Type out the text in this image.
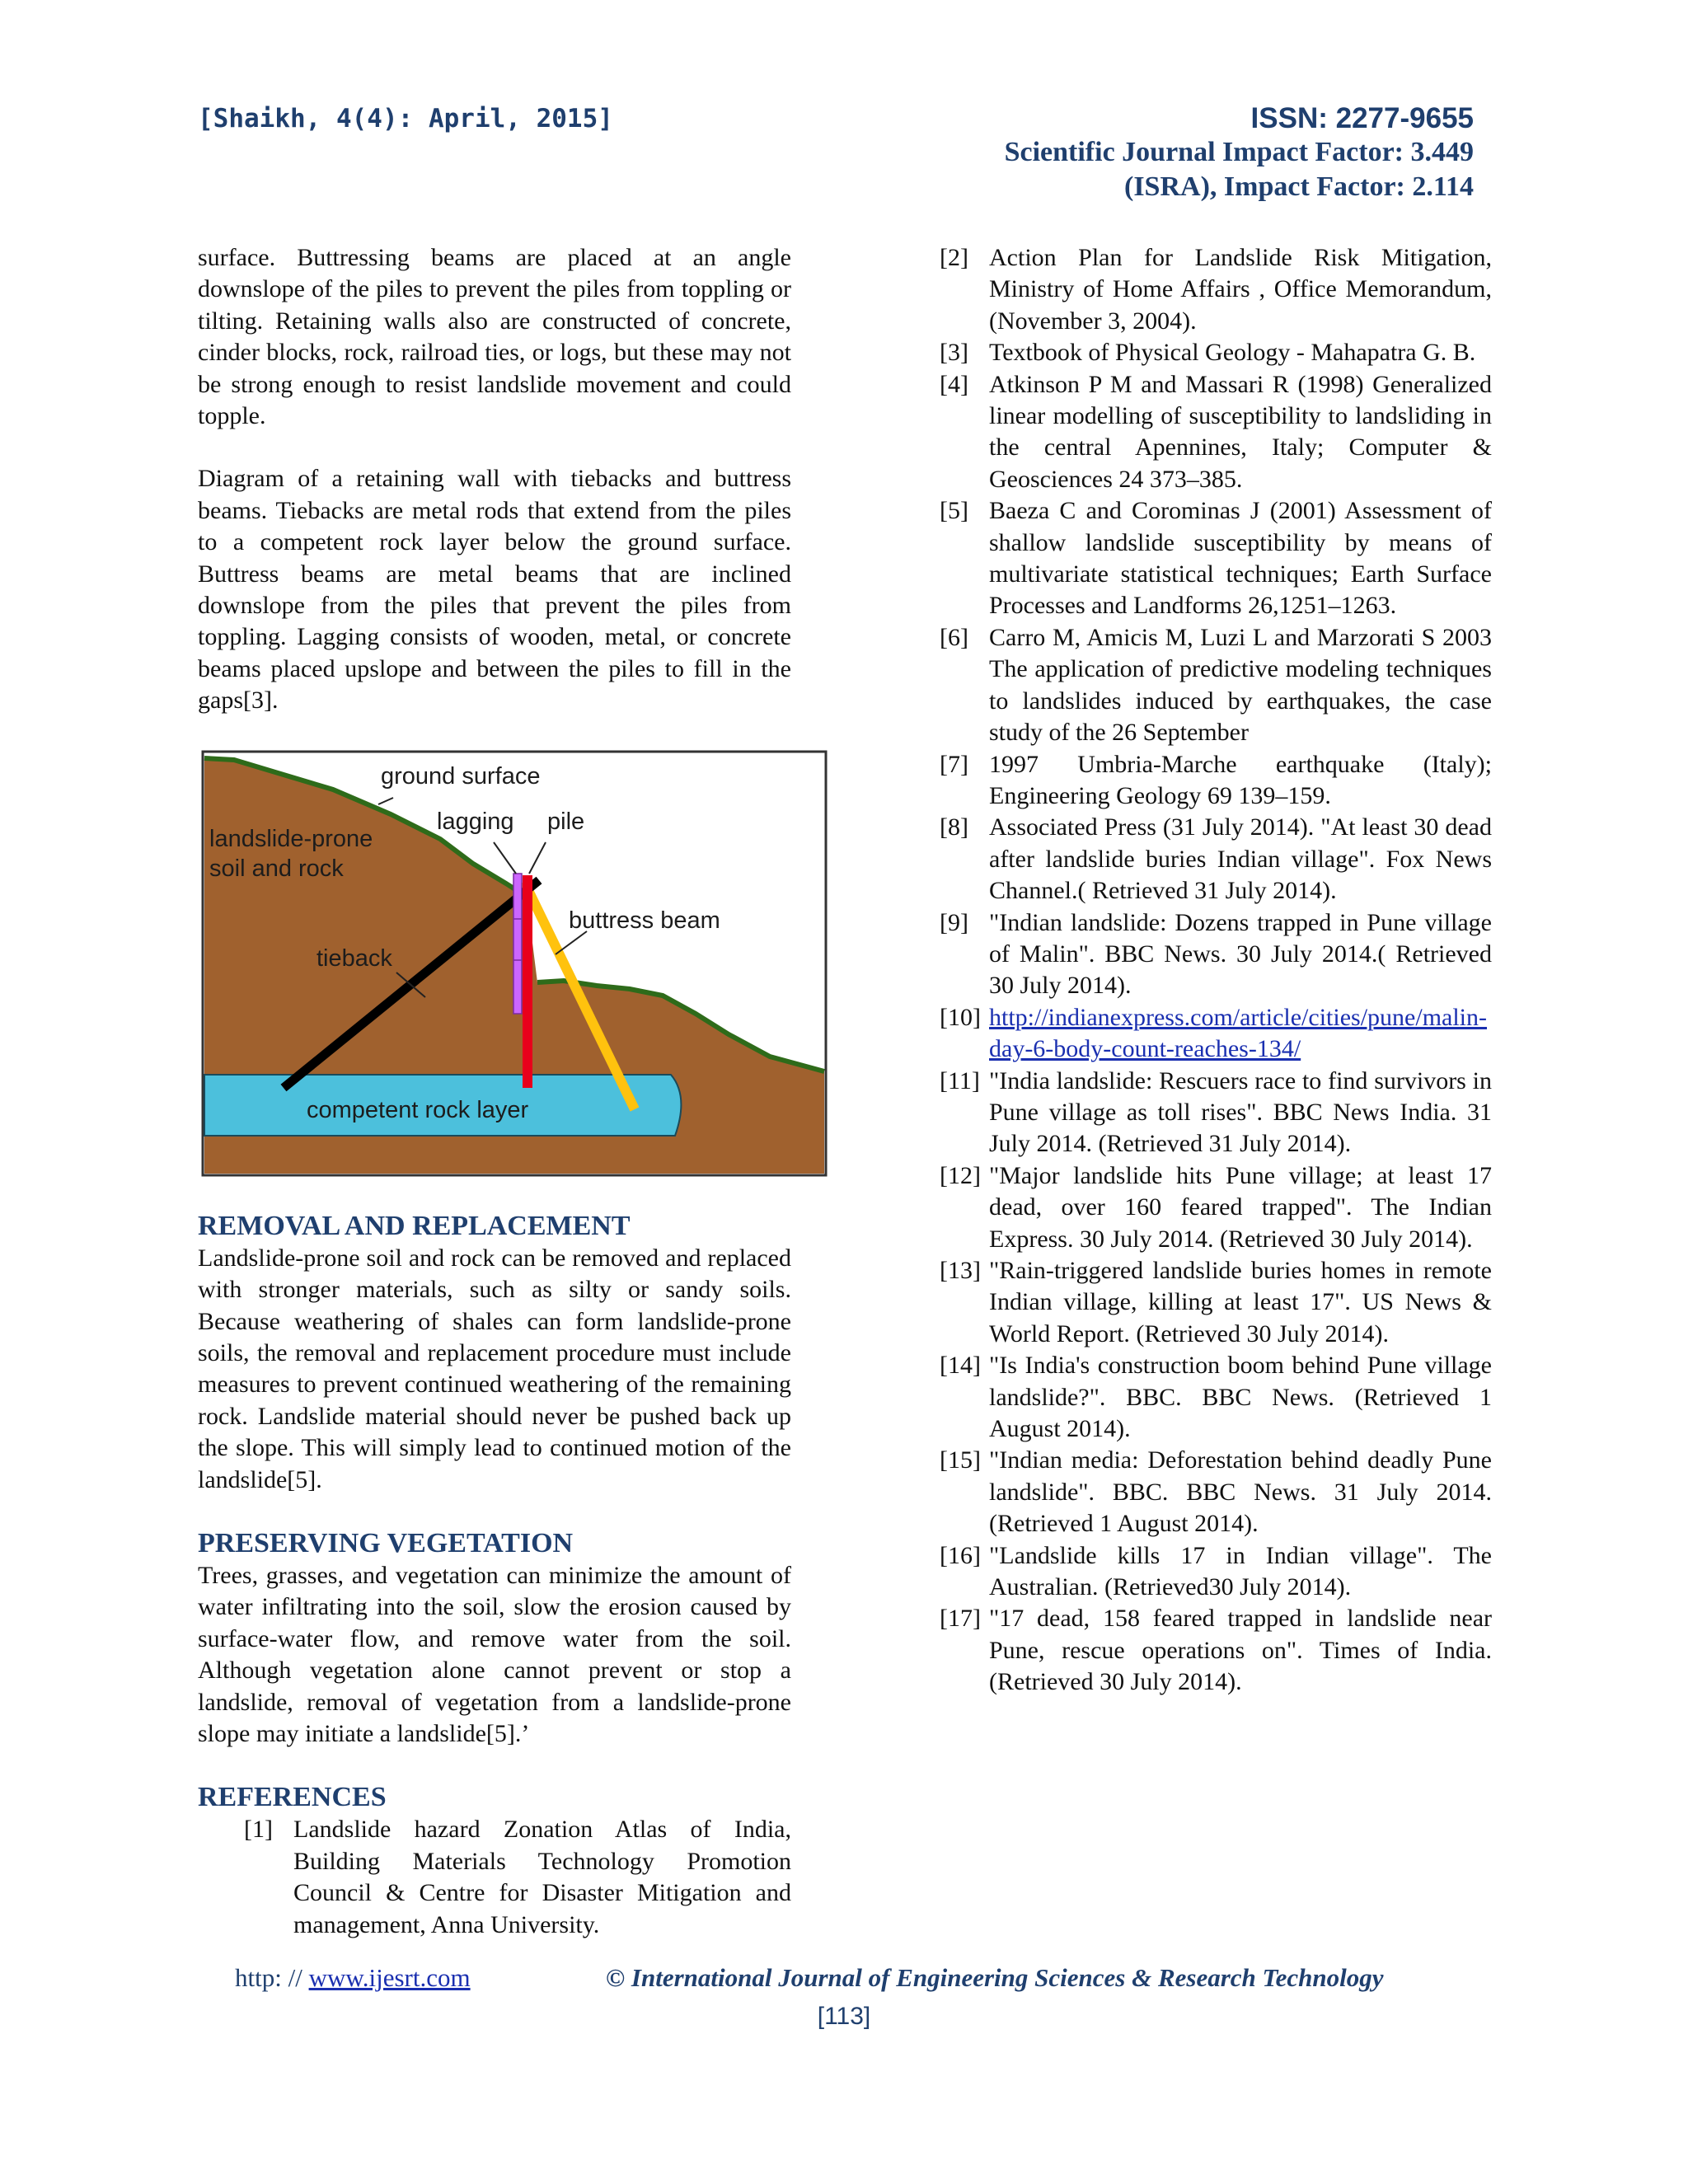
[Shaikh, 4(4): April, 2015]	ISSN: 2277-9655
Scientific Journal Impact Factor: 3.449
(ISRA), Impact Factor: 2.114

surface. Buttressing beams are placed at an angle downslope of the piles to prevent the piles from toppling or tilting. Retaining walls also are constructed of concrete, cinder blocks, rock, railroad ties, or logs, but these may not be strong enough to resist landslide movement and could topple.

Diagram of a retaining wall with tiebacks and buttress beams. Tiebacks are metal rods that extend from the piles to a competent rock layer below the ground surface. Buttress beams are metal beams that are inclined downslope from the piles that prevent the piles from toppling. Lagging consists of wooden, metal, or concrete beams placed upslope and between the piles to fill in the gaps[3].

ground surface
lagging pile
landslide-prone
soil and rock
buttress beam
tieback
competent rock layer
REMOVAL AND REPLACEMENT

Landslide-prone soil and rock can be removed and replaced with stronger materials, such as silty or sandy soils. Because weathering of shales can form landslide-prone soils, the removal and replacement procedure must include measures to prevent continued weathering of the remaining rock. Landslide material should never be pushed back up the slope. This will simply lead to continued motion of the landslide[5].

PRESERVING VEGETATION

Trees, grasses, and vegetation can minimize the amount of water infiltrating into the soil, slow the erosion caused by surface-water flow, and remove water from the soil. Although vegetation alone cannot prevent or stop a landslide, removal of vegetation from a landslide-prone slope may initiate a landslide[5].’

REFERENCES
[1] Landslide hazard Zonation Atlas of India, Building Materials Technology Promotion Council & Centre for Disaster Mitigation and management, Anna University.
[2] Action Plan for Landslide Risk Mitigation, Ministry of Home Affairs , Office Memorandum, (November 3, 2004).
[3] Textbook of Physical Geology - Mahapatra G. B.
[4] Atkinson P M and Massari R (1998) Generalized linear modelling of susceptibility to landsliding in the central Apennines, Italy; Computer & Geosciences 24 373–385.
[5] Baeza C and Corominas J (2001) Assessment of shallow landslide susceptibility by means of multivariate statistical techniques; Earth Surface Processes and Landforms 26,1251–1263.
[6] Carro M, Amicis M, Luzi L and Marzorati S 2003 The application of predictive modeling techniques to landslides induced by earthquakes, the case study of the 26 September
[7] 1997 Umbria-Marche earthquake (Italy); Engineering Geology 69 139–159.
[8] Associated Press (31 July 2014). "At least 30 dead after landslide buries Indian village". Fox News Channel.( Retrieved 31 July 2014).
[9] "Indian landslide: Dozens trapped in Pune village of Malin". BBC News. 30 July 2014.( Retrieved 30 July 2014).
[10] http://indianexpress.com/article/cities/pune/malin-day-6-body-count-reaches-134/
[11] "India landslide: Rescuers race to find survivors in Pune village as toll rises". BBC News India. 31 July 2014. (Retrieved 31 July 2014).
[12] "Major landslide hits Pune village; at least 17 dead, over 160 feared trapped". The Indian Express. 30 July 2014. (Retrieved 30 July 2014).
[13] "Rain-triggered landslide buries homes in remote Indian village, killing at least 17". US News & World Report. (Retrieved 30 July 2014).
[14] "Is India's construction boom behind Pune village landslide?". BBC. BBC News. (Retrieved 1 August 2014).
[15] "Indian media: Deforestation behind deadly Pune landslide". BBC. BBC News. 31 July 2014. (Retrieved 1 August 2014).
[16] "Landslide kills 17 in Indian village". The Australian. (Retrieved30 July 2014).
[17] "17 dead, 158 feared trapped in landslide near Pune, rescue operations on". Times of India. (Retrieved 30 July 2014).
http: // www.ijesrt.com	© International Journal of Engineering Sciences & Research Technology
[113]
